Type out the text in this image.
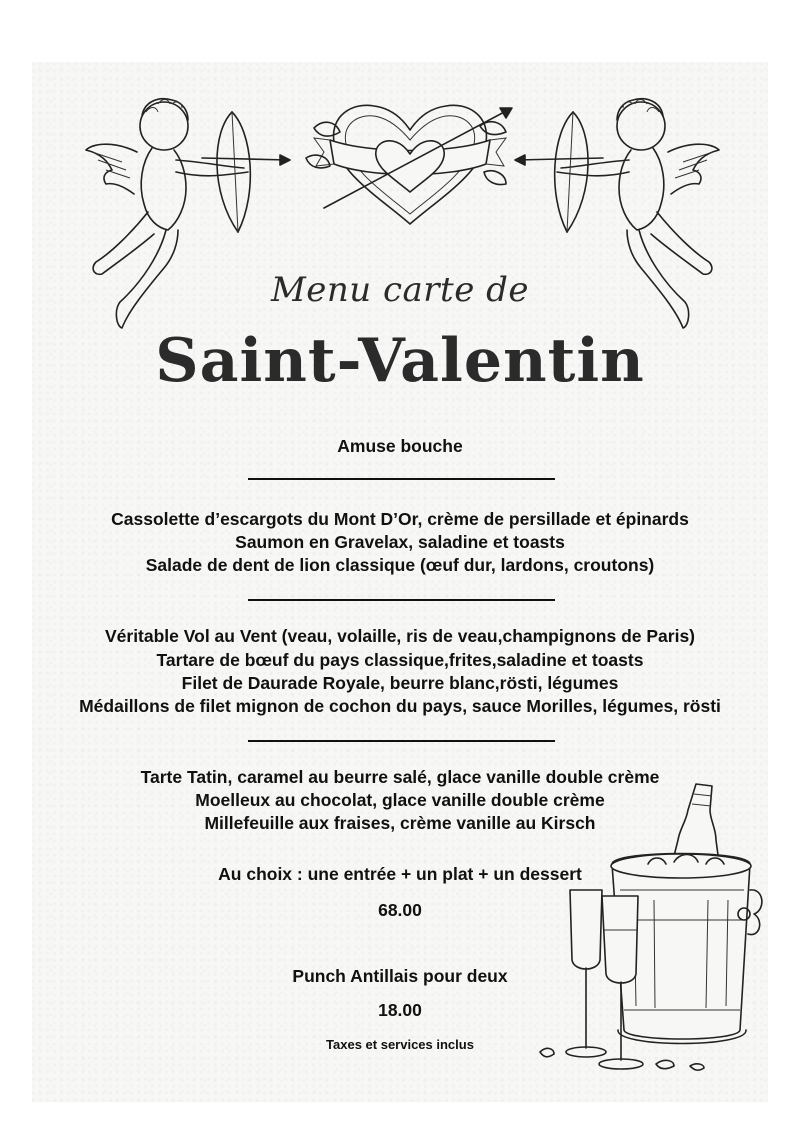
Menu carte de
Saint-Valentin
Amuse bouche
Cassolette d’escargots du Mont D’Or, crème de persillade et épinards
Saumon en Gravelax, saladine et toasts
Salade de dent de lion classique (œuf dur, lardons, croutons)
Véritable Vol au Vent (veau, volaille, ris de veau,champignons de Paris)
Tartare de bœuf du pays classique,frites,saladine et toasts
Filet de Daurade Royale, beurre blanc,rösti, légumes
Médaillons de filet mignon de cochon du pays, sauce Morilles, légumes, rösti
Tarte Tatin, caramel au beurre salé, glace vanille double crème
Moelleux au chocolat, glace vanille double crème
Millefeuille aux fraises, crème vanille au Kirsch
Au choix : une entrée + un plat + un dessert
68.00
Punch Antillais pour deux
18.00
Taxes et services inclus
